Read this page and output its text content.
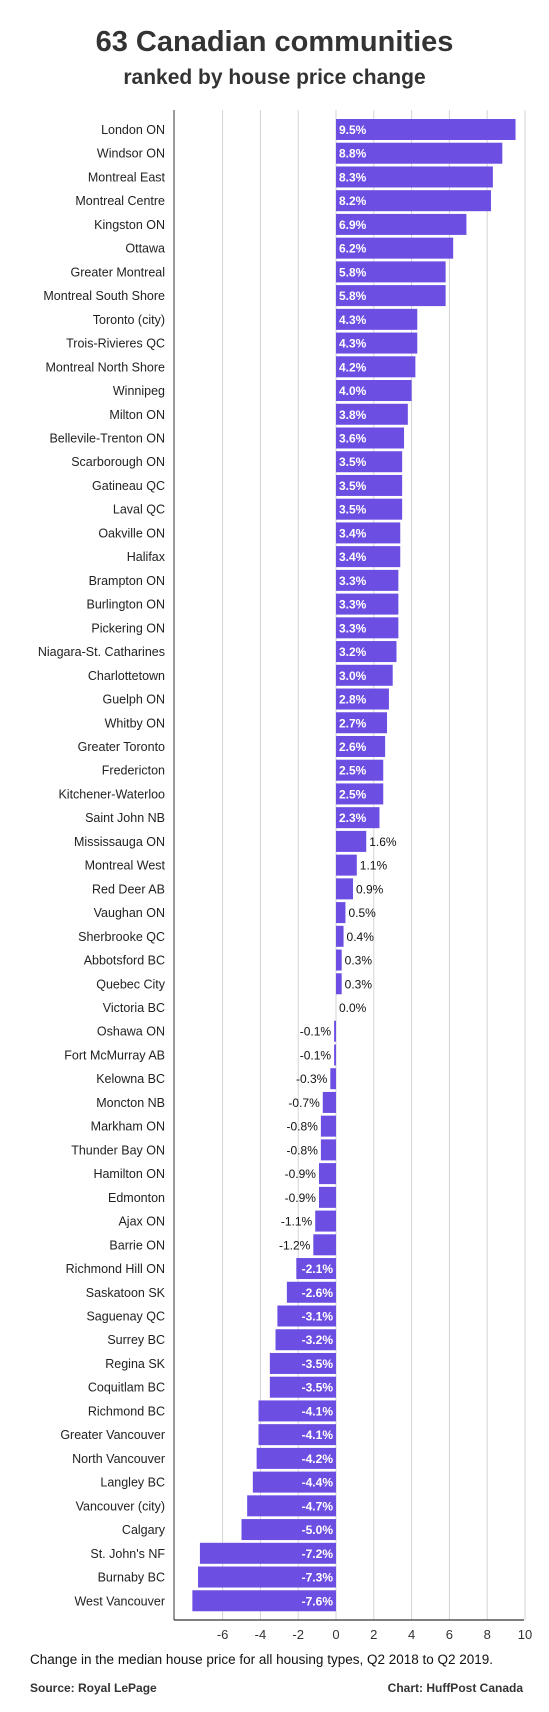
63 Canadian communities
ranked by house price change
-6 -4 -2 0 2 4 6 8 10
London ON	9.5%
Windsor ON	8.8%
Montreal East	8.3%
Montreal Centre	8.2%
Kingston ON	6.9%
Ottawa	6.2%
Greater Montreal	5.8%
Montreal South Shore	5.8%
Toronto (city)	4.3%
Trois-Rivieres QC	4.3%
Montreal North Shore	4.2%
Winnipeg	4.0%
Milton ON	3.8%
Bellevile-Trenton ON	3.6%
Scarborough ON	3.5%
Gatineau QC	3.5%
Laval QC	3.5%
Oakville ON	3.4%
Halifax	3.4%
Brampton ON	3.3%
Burlington ON	3.3%
Pickering ON	3.3%
Niagara-St. Catharines	3.2%
Charlottetown	3.0%
Guelph ON	2.8%
Whitby ON	2.7%
Greater Toronto	2.6%
Fredericton	2.5%
Kitchener-Waterloo	2.5%
Saint John NB	2.3%
Mississauga ON	1.6%
Montreal West	1.1%
Red Deer AB	0.9%
Vaughan ON	0.5%
Sherbrooke QC	0.4%
Abbotsford BC	0.3%
Quebec City	0.3%
Victoria BC	0.0%
Oshawa ON	-0.1%
Fort McMurray AB	-0.1%
Kelowna BC	-0.3%
Moncton NB	-0.7%
Markham ON	-0.8%
Thunder Bay ON	-0.8%
Hamilton ON	-0.9%
Edmonton	-0.9%
Ajax ON	-1.1%
Barrie ON	-1.2%
Richmond Hill ON	-2.1%
Saskatoon SK	-2.6%
Saguenay QC	-3.1%
Surrey BC	-3.2%
Regina SK	-3.5%
Coquitlam BC	-3.5%
Richmond BC	-4.1%
Greater Vancouver	-4.1%
North Vancouver	-4.2%
Langley BC	-4.4%
Vancouver (city)	-4.7%
Calgary	-5.0%
St. John's NF	-7.2%
Burnaby BC	-7.3%
West Vancouver	-7.6%
Change in the median house price for all housing types, Q2 2018 to Q2 2019.
Source: Royal LePage	Chart: HuffPost Canada
